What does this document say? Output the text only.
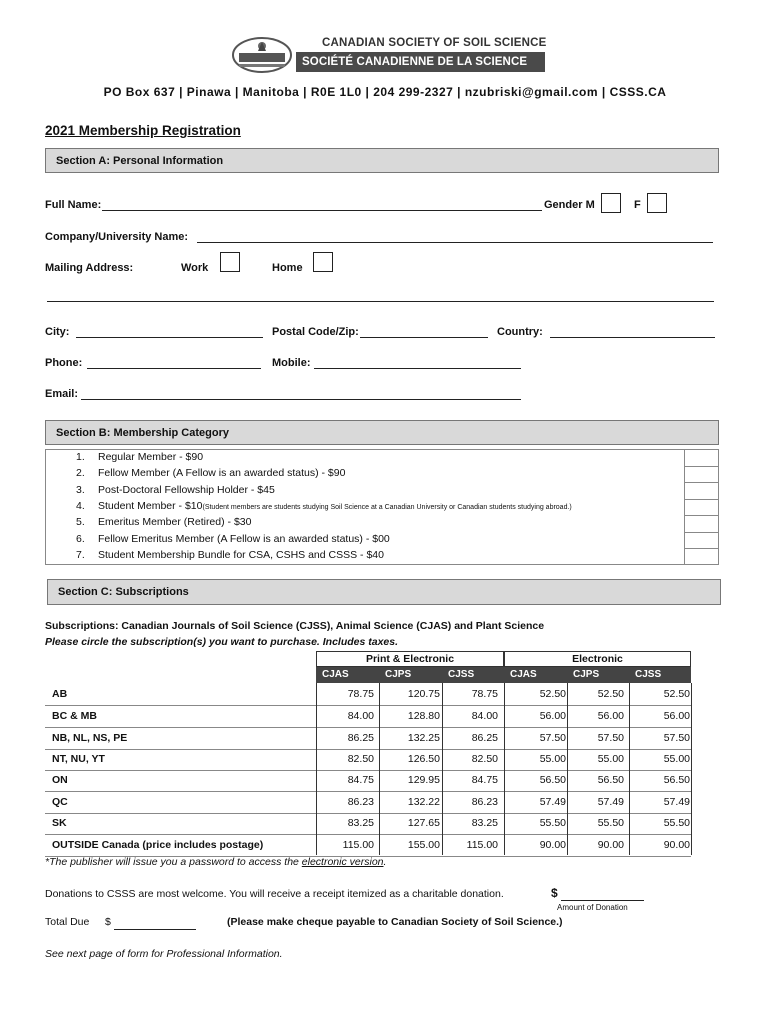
CANADIAN SOCIETY OF SOIL SCIENCE
SOCIÉTÉ CANADIENNE DE LA SCIENCE DU SOL
PO Box 637 | Pinawa | Manitoba | R0E 1L0 | 204 299-2327 | nzubriski@gmail.com | CSSS.CA
2021 Membership Registration
Section A: Personal Information
Full Name:	Gender M	F
Company/University Name:
Mailing Address:	Work	Home
City:	Postal Code/Zip:	Country:
Phone:	Mobile:
Email:
Section B: Membership Category
1. Regular Member - $90
2. Fellow Member (A Fellow is an awarded status) - $90
3. Post-Doctoral Fellowship Holder - $45
4. Student Member - $10(Student members are students studying Soil Science at a Canadian University or Canadian students studying abroad.)
5. Emeritus Member (Retired) - $30
6. Fellow Emeritus Member (A Fellow is an awarded status) - $00
7. Student Membership Bundle for CSA, CSHS and CSSS - $40
Section C: Subscriptions
Subscriptions: Canadian Journals of Soil Science (CJSS), Animal Science (CJAS) and Plant Science
Please circle the subscription(s) you want to purchase. Includes taxes.
Print & Electronic	Electronic
CJAS	CJPS	CJSS	CJAS	CJPS	CJSS
AB	78.75	120.75	78.75	52.50	52.50	52.50
BC & MB	84.00	128.80	84.00	56.00	56.00	56.00
NB, NL, NS, PE	86.25	132.25	86.25	57.50	57.50	57.50
NT, NU, YT	82.50	126.50	82.50	55.00	55.00	55.00
ON	84.75	129.95	84.75	56.50	56.50	56.50
QC	86.23	132.22	86.23	57.49	57.49	57.49
SK	83.25	127.65	83.25	55.50	55.50	55.50
OUTSIDE Canada (price includes postage)	115.00	155.00	115.00	90.00	90.00	90.00
*The publisher will issue you a password to access the electronic version.
Donations to CSSS are most welcome. You will receive a receipt itemized as a charitable donation.	$
Amount of Donation
Total Due $	(Please make cheque payable to Canadian Society of Soil Science.)
See next page of form for Professional Information.
